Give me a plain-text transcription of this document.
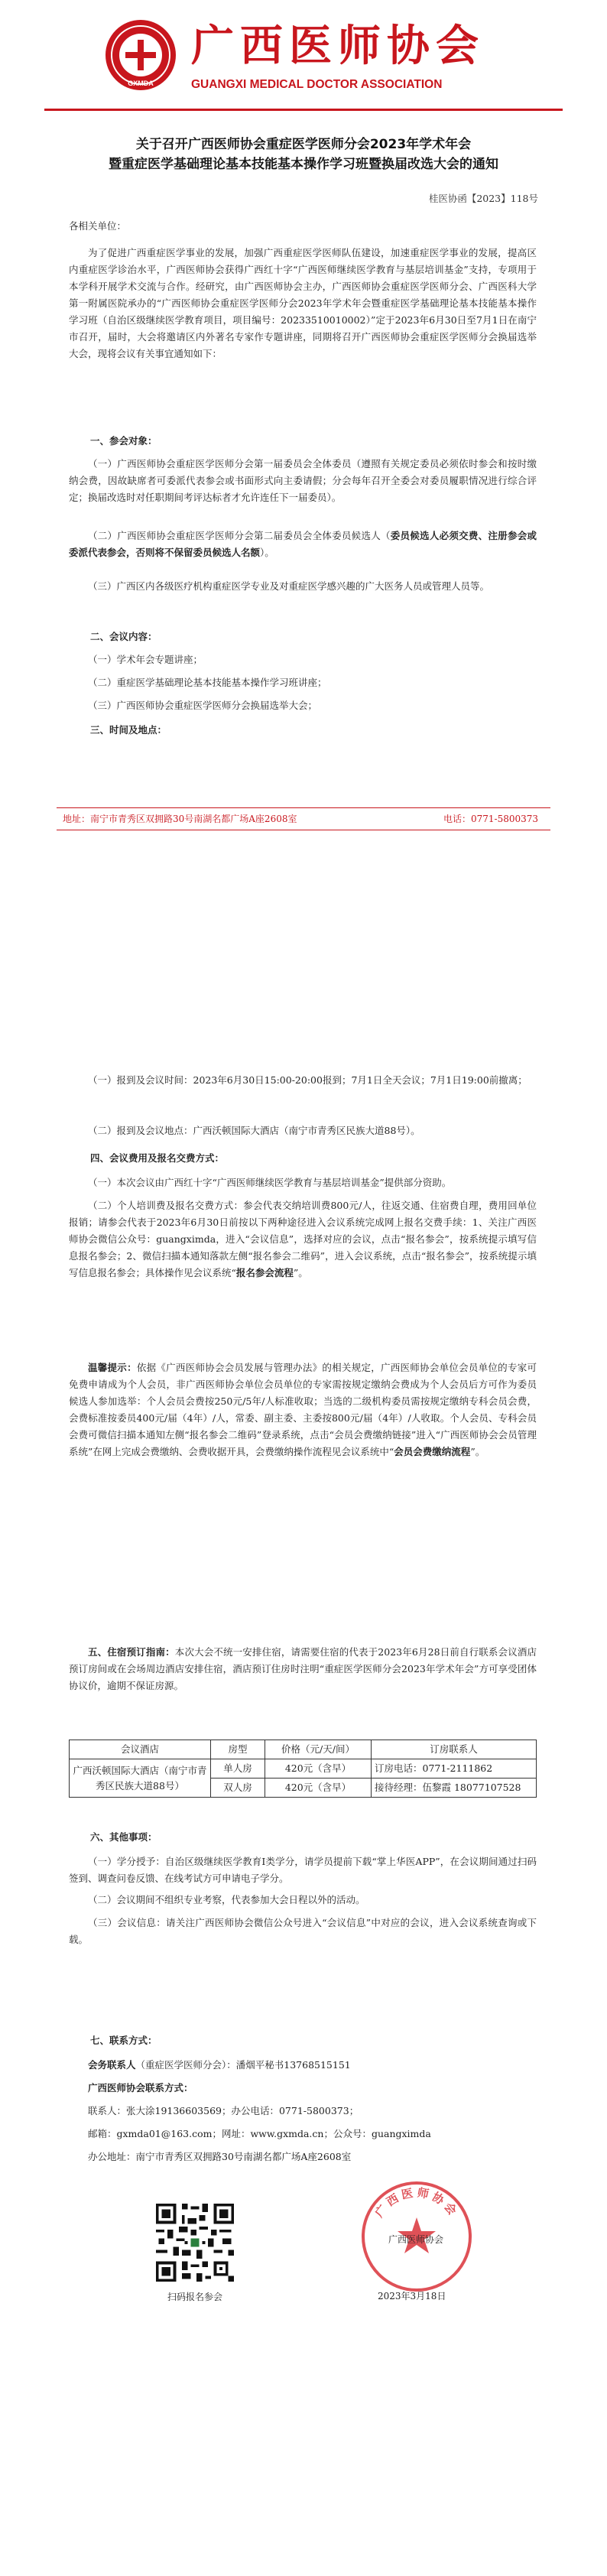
GXMDA
广西医师协会
GUANGXI MEDICAL DOCTOR ASSOCIATION
关于召开广西医师协会重症医学医师分会2023年学术年会
暨重症医学基础理论基本技能基本操作学习班暨换届改选大会的通知
桂医协函【2023】118号
各相关单位：

为了促进广西重症医学事业的发展，加强广西重症医学医师队伍建设，加速重症医学事业的发展，提高区内重症医学诊治水平，广西医师协会获得广西红十字“广西医师继续医学教育与基层培训基金”支持，专项用于本学科开展学术交流与合作。经研究，由广西医师协会主办，广西医师协会重症医学医师分会、广西医科大学第一附属医院承办的“广西医师协会重症医学医师分会2023年学术年会暨重症医学基础理论基本技能基本操作学习班（自治区级继续医学教育项目，项目编号：20233510010002）”定于2023年6月30日至7月1日在南宁市召开，届时，大会将邀请区内外著名专家作专题讲座，同期将召开广西医师协会重症医学医师分会换届选举大会，现将会议有关事宜通知如下：

一、参会对象：

（一）广西医师协会重症医学医师分会第一届委员会全体委员（遵照有关规定委员必须依时参会和按时缴纳会费，因故缺席者可委派代表参会或书面形式向主委请假；分会每年召开全委会对委员履职情况进行综合评定；换届改选时对任职期间考评达标者才允许连任下一届委员）。

（二）广西医师协会重症医学医师分会第二届委员会全体委员候选人（委员候选人必须交费、注册参会或委派代表参会，否则将不保留委员候选人名额）。

（三）广西区内各级医疗机构重症医学专业及对重症医学感兴趣的广大医务人员或管理人员等。

二、会议内容：

（一）学术年会专题讲座；

（二）重症医学基础理论基本技能基本操作学习班讲座；

（三）广西医师协会重症医学医师分会换届选举大会；

三、时间及地点：
地址：南宁市青秀区双拥路30号南湖名都广场A座2608室	电话：0771-5800373

（一）报到及会议时间：2023年6月30日15:00-20:00报到；7月1日全天会议；7月1日19:00前撤离；

（二）报到及会议地点：广西沃顿国际大酒店（南宁市青秀区民族大道88号）。

四、会议费用及报名交费方式：

（一）本次会议由广西红十字“广西医师继续医学教育与基层培训基金”提供部分资助。

（二）个人培训费及报名交费方式：参会代表交纳培训费800元/人，往返交通、住宿费自理，费用回单位报销；请参会代表于2023年6月30日前按以下两种途径进入会议系统完成网上报名交费手续：1、关注广西医师协会微信公众号：guangximda，进入“会议信息”，选择对应的会议，点击“报名参会”，按系统提示填写信息报名参会；2、微信扫描本通知落款左侧“报名参会二维码”，进入会议系统，点击“报名参会”，按系统提示填写信息报名参会；具体操作见会议系统“报名参会流程”。

温馨提示：依据《广西医师协会会员发展与管理办法》的相关规定，广西医师协会单位会员单位的专家可免费申请成为个人会员，非广西医师协会单位会员单位的专家需按规定缴纳会费成为个人会员后方可作为委员候选人参加选举：个人会员会费按250元/5年/人标准收取；当选的二级机构委员需按规定缴纳专科会员会费，会费标准按委员400元/届（4年）/人，常委、副主委、主委按800元/届（4年）/人收取。个人会员、专科会员会费可微信扫描本通知左侧“报名参会二维码”登录系统，点击“会员会费缴纳链接”进入“广西医师协会会员管理系统”在网上完成会费缴纳、会费收据开具，会费缴纳操作流程见会议系统中“会员会费缴纳流程”。

五、住宿预订指南：本次大会不统一安排住宿，请需要住宿的代表于2023年6月28日前自行联系会议酒店预订房间或在会场周边酒店安排住宿，酒店预订住房时注明“重症医学医师分会2023年学术年会”方可享受团体协议价，逾期不保证房源。

会议酒店	房型	价格（元/天/间）	订房联系人
广西沃顿国际大酒店（南宁市青秀区民族大道88号）	单人房	420元（含早）	订房电话：0771-2111862
	双人房	420元（含早）	接待经理：伍黎霞 18077107528
六、其他事项：

（一）学分授予：自治区级继续医学教育I类学分，请学员提前下载“掌上华医APP”，在会议期间通过扫码签到、调查问卷反馈、在线考试方可申请电子学分。

（二）会议期间不组织专业考察，代表参加大会日程以外的活动。

（三）会议信息：请关注广西医师协会微信公众号进入“会议信息”中对应的会议，进入会议系统查询或下载。

七、联系方式：

会务联系人（重症医学医师分会）：潘烟平秘书13768515151

广西医师协会联系方式：

联系人：张大涂19136603569；办公电话：0771-5800373；

邮箱：gxmda01@163.com；网址：www.gxmda.cn；公众号：guangximda

办公地址：南宁市青秀区双拥路30号南湖名都广场A座2608室

扫码报名参会
广西医师协会
广西医师协会
2023年3月18日
